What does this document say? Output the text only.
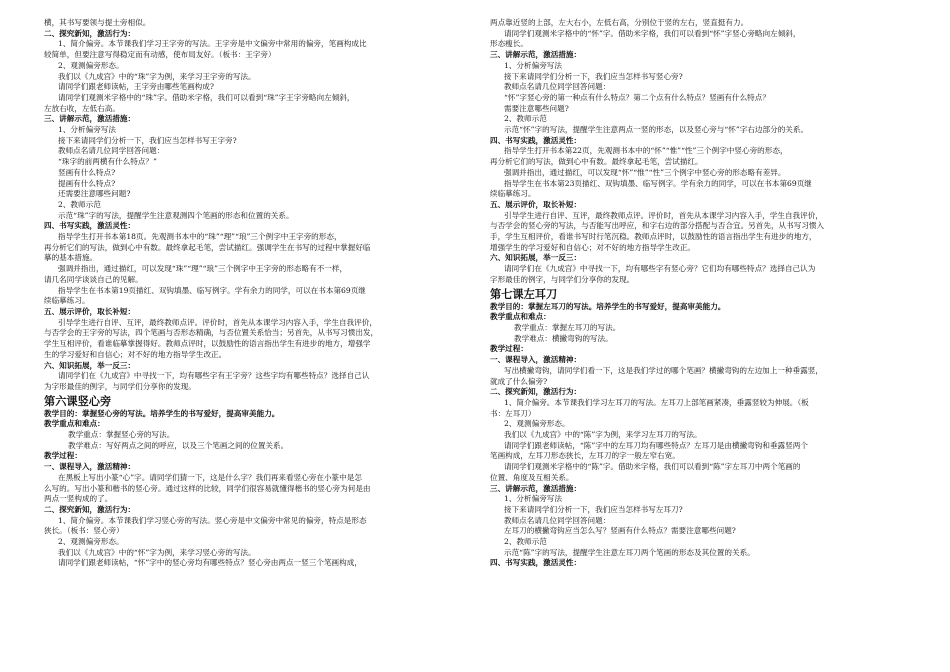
横，其书写要领与提土旁相似。
二、探究新知，激活行为：
1、简介偏旁。本节课我们学习王字旁的写法。王字旁是中文偏旁中常用的偏旁，笔画构成比
较简单，但要注意写得稳定而有动感，使布局友好。（板书：王字旁）
2、观测偏旁形态。
我们以《九成宫》中的“珠”字为例，来学习王字旁的写法。
请同学们跟老师读帖，王字旁由哪些笔画构成?
请同学们观测米字格中的“珠”字。借助米字格，我们可以看到“珠”字王字旁略向左倾斜，
左放右收，左低右高。
三、讲解示范，激活措施：
1、分析偏旁写法
接下来请同学们分析一下，我们应当怎样书写王字旁?
教师点名请几位同学回答问题：
“珠字的前两横有什么特点？”
竖画有什么特点?
提画有什么特点?
还需要注意哪些问题?
2、教师示范
示范“珠”字的写法，提醒学生注意观测四个笔画的形态和位置的关系。
四、书写实践，激活灵性：
指导学生打开书本第18页。先观测书本中的“珠”“理”“琅”三个例字中王字旁的形态，
再分析它们的写法，做到心中有数。最终拿起毛笔，尝试描红。强调学生在书写的过程中掌握好临
摹的基本措施。
强调并指出，通过描红，可以发现“珠”“理”“琅”三个例字中王字旁的形态略有不一样，
请几名同学谈谈自己的见解。
指导学生在书本第19页描红、双钩填墨、临写例字。学有余力的同学，可以在书本第69页继
续临摹练习。
五、展示评价，取长补短：
引导学生进行自评、互评，最终教师点评。评价时，首先从本课学习内容入手，学生自我评价，
与否学会的王字旁的写法，四个笔画与否形态精确，与否位置关系恰当；另首先，从书写习惯出发，
学生互相评价，看谁临摹掌握得好。教师点评时，以鼓励性的语言指出学生有进步的地方，增强学
生的学习爱好和自信心；对不好的地方指导学生改正。
六、知识拓展，举一反三：
请同学们在《九成宫》中寻找一下，均有哪些字有王字旁？这些字均有哪些特点？选择自己认
为字形最佳的例字，与同学们分享你的发现。
第六课竖心旁
教学目的：掌握竖心旁的写法。培养学生的书写爱好，提高审美能力。
教学重点和难点：
教学重点：掌握竖心旁的写法。
教学难点：写好两点之间的呼应，以及三个笔画之间的位置关系。
教学过程：
一、课程导入，激活精神：
在黑板上写出小篆“心”字。请同学们猜一下，这是什么字？我们再来看竖心旁在小篆中是怎
么写的。写出小篆和楷书的竖心旁。通过这样的比较，同学们很容易就懂得楷书的竖心旁为何是由
两点一竖构成的了。
二、探究新知，激活行为：
1、简介偏旁。本节课我们学习竖心旁的写法。竖心旁是中文偏旁中常见的偏旁，特点是形态
狭长。（板书：竖心旁）
2、观测偏旁形态。
我们以《九成宫》中的“怀”字为例，来学习竖心旁的写法。
请同学们跟老师读帖，“怀”字中的竖心旁均有哪些特点？竖心旁由两点一竖三个笔画构成，
两点靠近竖的上部，左大右小，左低右高，分别位于竖的左右，竖直挺有力。
请同学们观测米字格中的“怀”字。借助米字格，我们可以看到“怀”字竖心旁略向左倾斜，
形态瘦长。
三、讲解示范，激活措施：
1、分析偏旁写法
接下来请同学们分析一下，我们应当怎样书写竖心旁?
教师点名请几位同学回答问题：
“怀”字竖心旁的第一种点有什么特点？第二个点有什么特点？竖画有什么特点？
需要注意哪些问题?
2、教师示范
示范“怀”字的写法，提醒学生注意两点一竖的形态，以及竖心旁与“怀”字右边部分的关系。
四、书写实践，激活灵性：
指导学生打开书本第22页，先观测书本中的“怀”“惟”“性”三个例字中竖心旁的形态，
再分析它们的写法，做到心中有数。最终拿起毛笔，尝试描红。
强调并指出，通过描红，可以发现“怀”“惟”“性”三个例字中竖心旁的形态略有差异。
指导学生在书本第23页描红、双钩填墨、临写例字。学有余力的同学，可以在书本第69页继
续临摹练习。
五、展示评价，取长补短：
引导学生进行自评、互评，最终教师点评。评价时，首先从本课学习内容入手，学生自我评价，
与否学会的竖心旁的写法，与否能写出呼应，和字右边的部分搭配与否合宜。另首先，从书写习惯入
手，学生互相评价，看谁书写时行笔沉稳。教师点评时，以鼓励性的语言指出学生有进步的地方，
增强学生的学习爱好和自信心；对不好的地方指导学生改正。
六、知识拓展，举一反三：
请同学们在《九成宫》中寻找一下，均有哪些字有竖心旁？它们均有哪些特点？选择自己认为
字形最佳的例字，与同学们分享你的发现。
第七课左耳刀
教学目的：掌握左耳刀的写法。培养学生的书写爱好，提高审美能力。
教学重点和难点：
教学重点：掌握左耳刀的写法。
教学难点：横撇弯钩的写法。
教学过程：
一、课程导入，激活精神：
写出横撇弯钩，请同学们看一下，这是我们学过的哪个笔画？横撇弯钩的左边加上一种垂露竖，
就成了什么偏旁?
二、探究新知，激活行为：
1、简介偏旁。本节课我们学习左耳刀的写法。左耳刀上部笔画紧凑，垂露竖较为伸展。（板
书：左耳刀）
2、观测偏旁形态。
我们以《九成宫》中的“陈”字为例，来学习左耳刀的写法。
请同学们跟老师读帖，“陈”字中的左耳刀均有哪些特点？左耳刀是由横撇弯钩和垂露竖两个
笔画构成，左耳刀形态狭长，左耳刀的字一般左窄右宽。
请同学们观测米字格中的“陈”字。借助米字格，我们可以看到“陈”字左耳刀中两个笔画的
位置、角度及互相关系。
三、讲解示范，激活措施：
1、分析偏旁写法
接下来请同学们分析一下，我们应当怎样书写左耳刀?
教师点名请几位同学回答问题：
左耳刀的横撇弯钩应当怎么写？竖画有什么特点？需要注意哪些问题?
2、教师示范
示范“陈”字的写法，提醒学生注意左耳刀两个笔画的形态及其位置的关系。
四、书写实践，激活灵性：
